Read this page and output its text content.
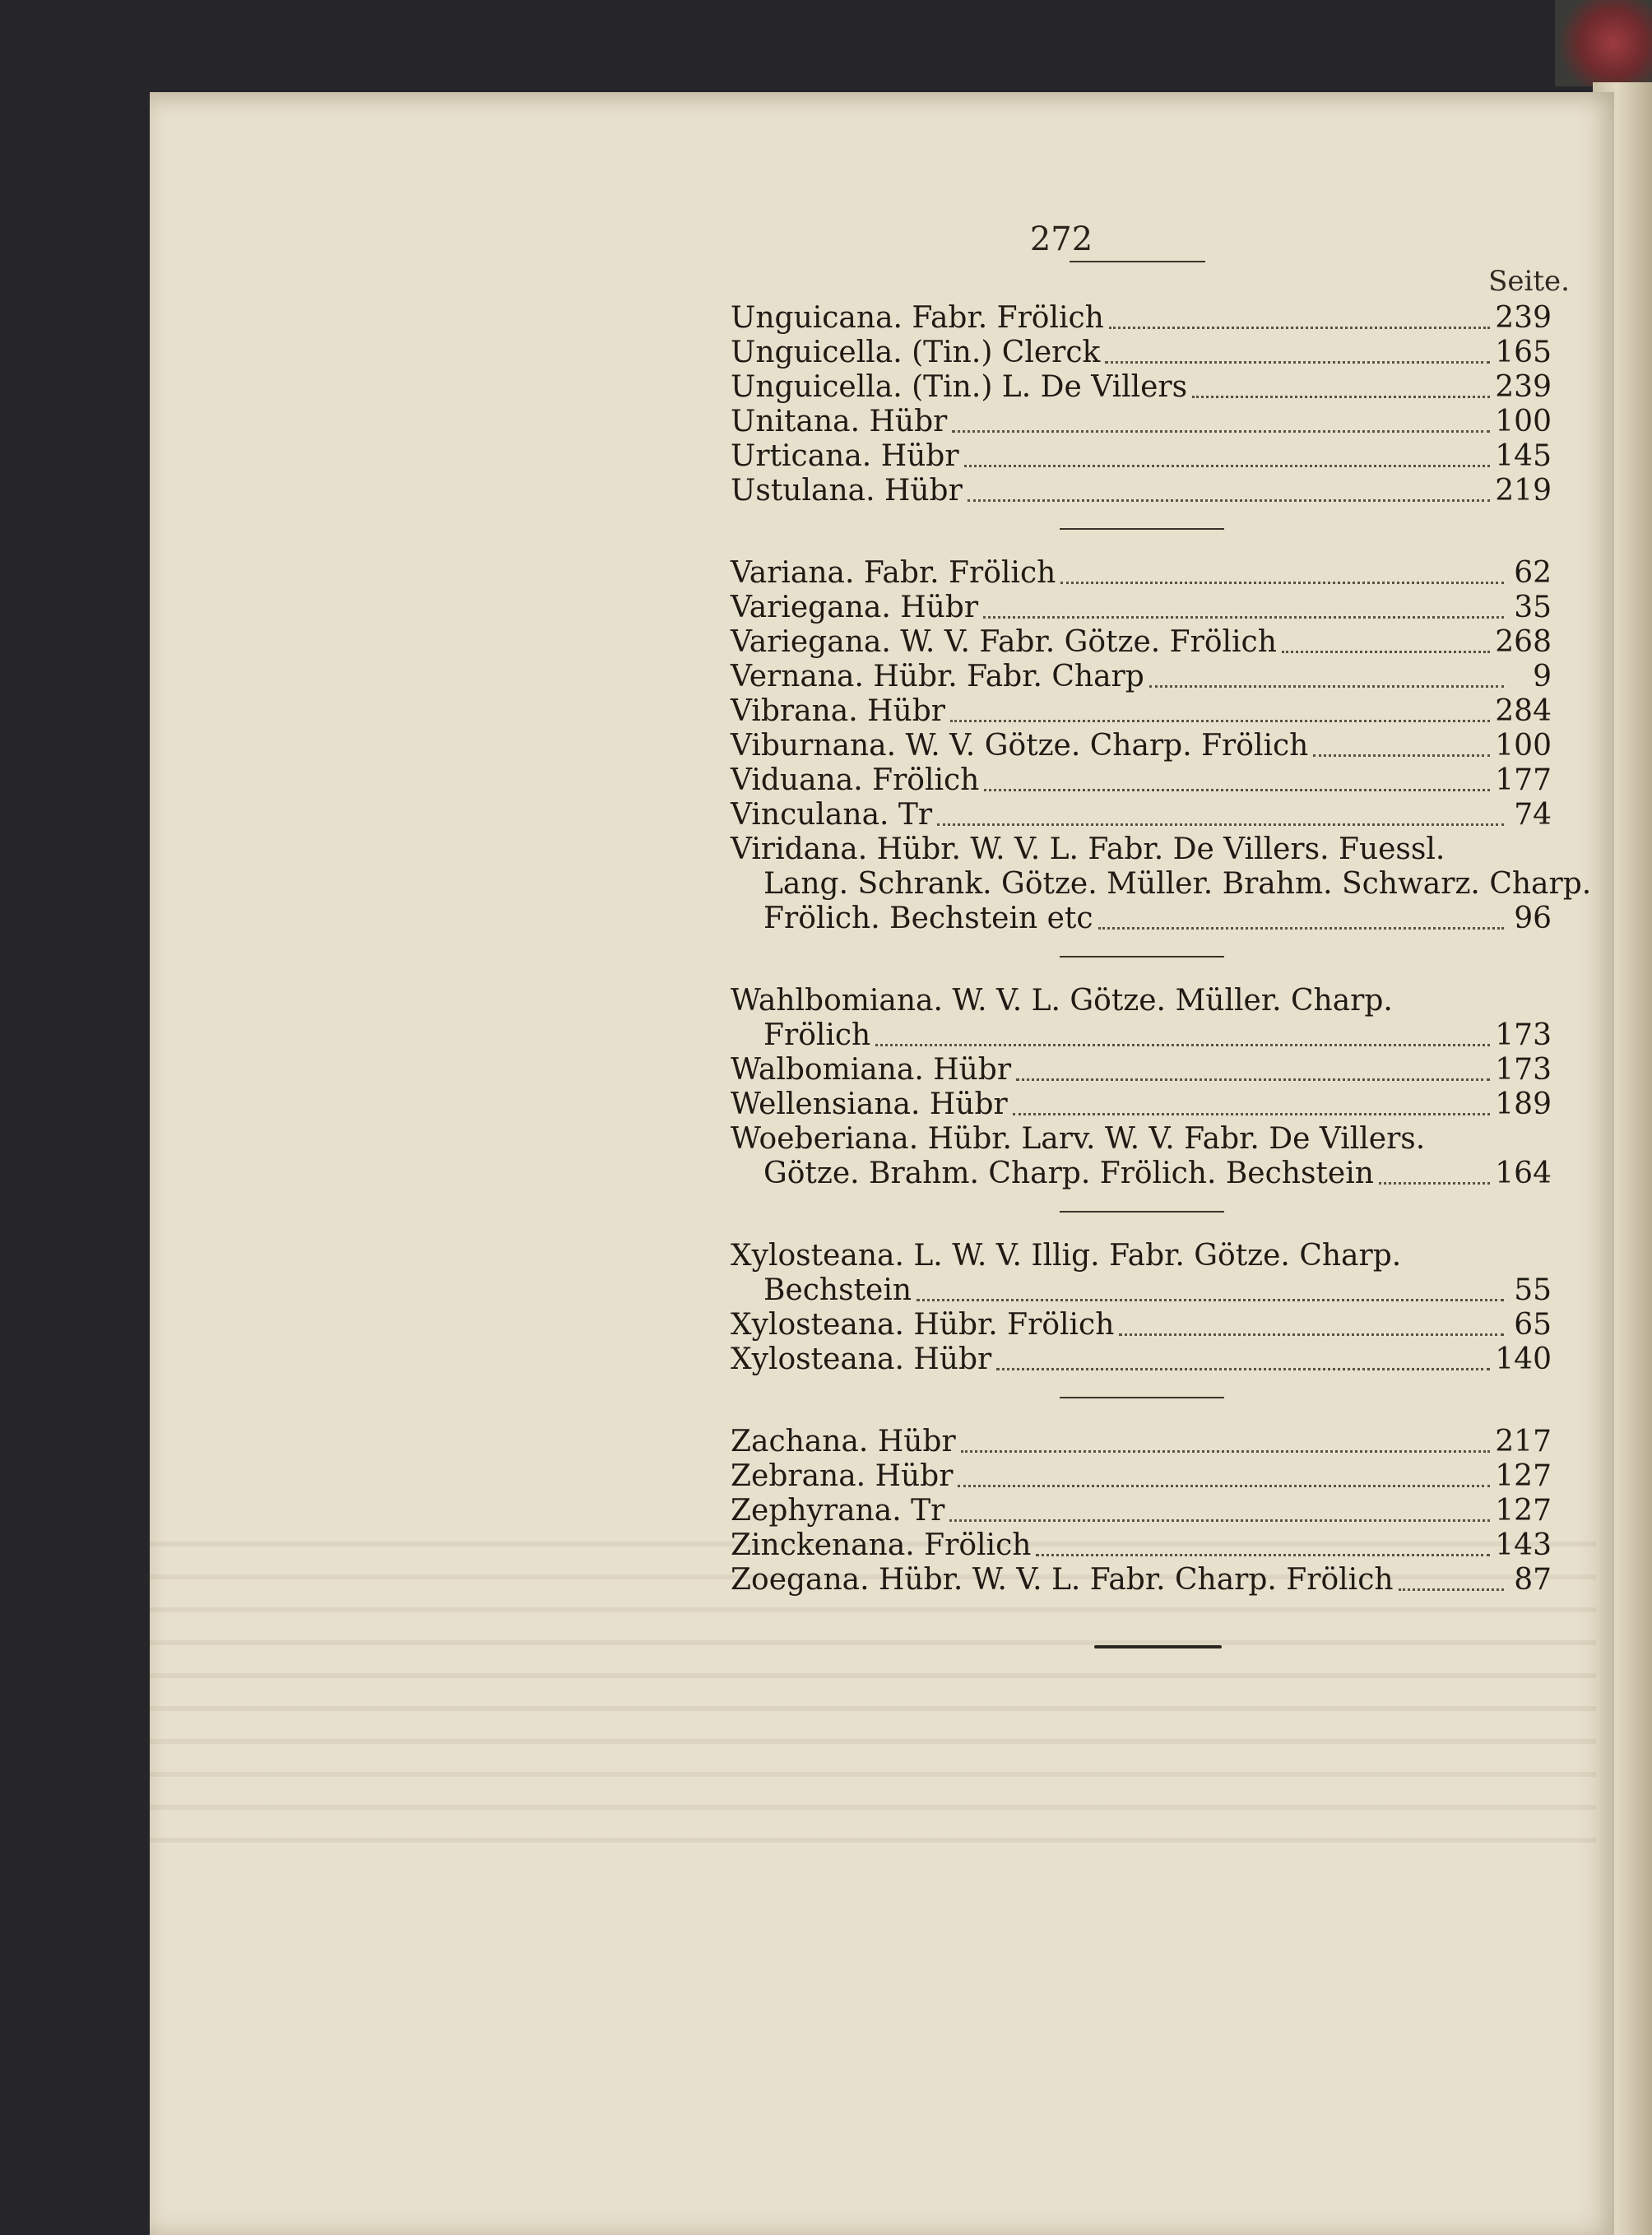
272
Seite.
Unguicana. Fabr. Frölich	239
Unguicella. (Tin.) Clerck	165
Unguicella. (Tin.) L. De Villers	239
Unitana. Hübr	100
Urticana. Hübr	145
Ustulana. Hübr	219
Variana. Fabr. Frölich	62
Variegana. Hübr	35
Variegana. W. V. Fabr. Götze. Frölich	268
Vernana. Hübr. Fabr. Charp	9
Vibrana. Hübr	284
Viburnana. W. V. Götze. Charp. Frölich	100
Viduana. Frölich	177
Vinculana. Tr	74
Viridana. Hübr. W. V. L. Fabr. De Villers. Fuessl.
Lang. Schrank. Götze. Müller. Brahm. Schwarz. Charp.
Frölich. Bechstein etc	96
Wahlbomiana. W. V. L. Götze. Müller. Charp.
Frölich	173
Walbomiana. Hübr	173
Wellensiana. Hübr	189
Woeberiana. Hübr. Larv. W. V. Fabr. De Villers.
Götze. Brahm. Charp. Frölich. Bechstein	164
Xylosteana. L. W. V. Illig. Fabr. Götze. Charp.
Bechstein	55
Xylosteana. Hübr. Frölich	65
Xylosteana. Hübr	140
Zachana. Hübr	217
Zebrana. Hübr	127
Zephyrana. Tr	127
Zinckenana. Frölich	143
Zoegana. Hübr. W. V. L. Fabr. Charp. Frölich	87
